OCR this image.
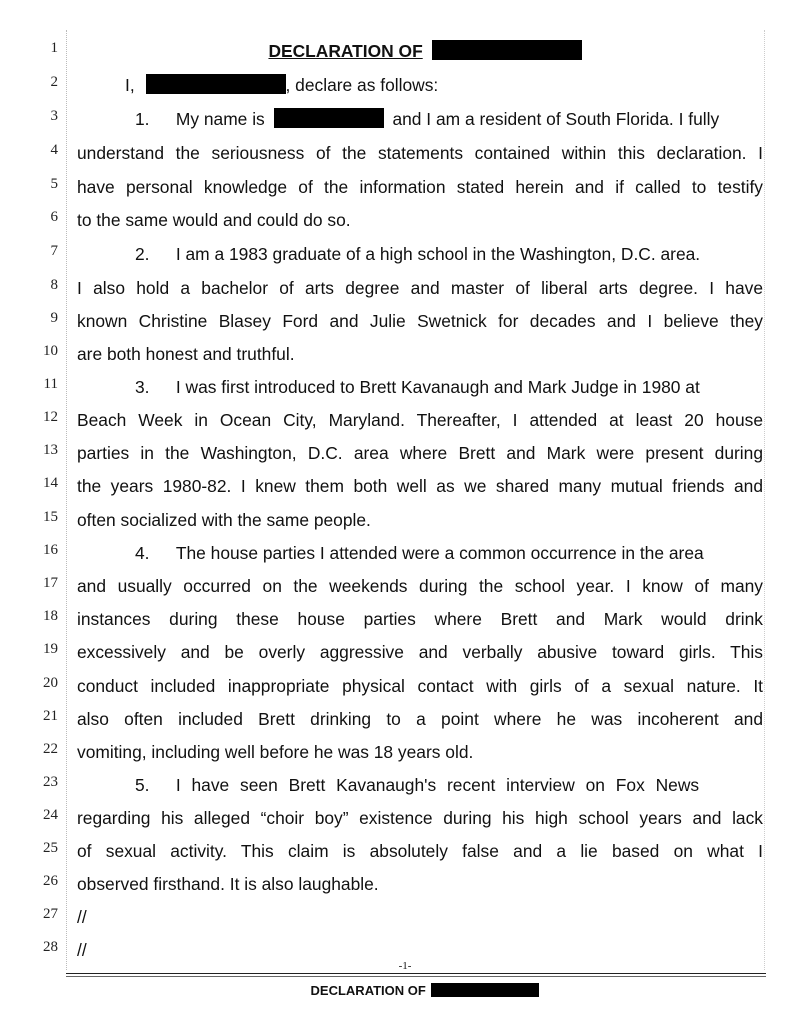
1
2
3
4
5
6
7
8
9
10
11
12
13
14
15
16
17
18
19
20
21
22
23
24
25
26
27
28
DECLARATION OF
I,	, declare as follows:
1. My name is	and I am a resident of South Florida. I fully
understand the seriousness of the statements contained within this declaration. I
have personal knowledge of the information stated herein and if called to testify
to the same would and could do so.
2. I am a 1983 graduate of a high school in the Washington, D.C. area.
I also hold a bachelor of arts degree and master of liberal arts degree. I have
known Christine Blasey Ford and Julie Swetnick for decades and I believe they
are both honest and truthful.
3. I was first introduced to Brett Kavanaugh and Mark Judge in 1980 at
Beach Week in Ocean City, Maryland. Thereafter, I attended at least 20 house
parties in the Washington, D.C. area where Brett and Mark were present during
the years 1980-82. I knew them both well as we shared many mutual friends and
often socialized with the same people.
4. The house parties I attended were a common occurrence in the area
and usually occurred on the weekends during the school year. I know of many
instances during these house parties where Brett and Mark would drink
excessively and be overly aggressive and verbally abusive toward girls. This
conduct included inappropriate physical contact with girls of a sexual nature. It
also often included Brett drinking to a point where he was incoherent and
vomiting, including well before he was 18 years old.
5. I have seen Brett Kavanaugh's recent interview on Fox News
regarding his alleged “choir boy” existence during his high school years and lack
of sexual activity. This claim is absolutely false and a lie based on what I
observed firsthand. It is also laughable.
//
//
-1-
DECLARATION OF
